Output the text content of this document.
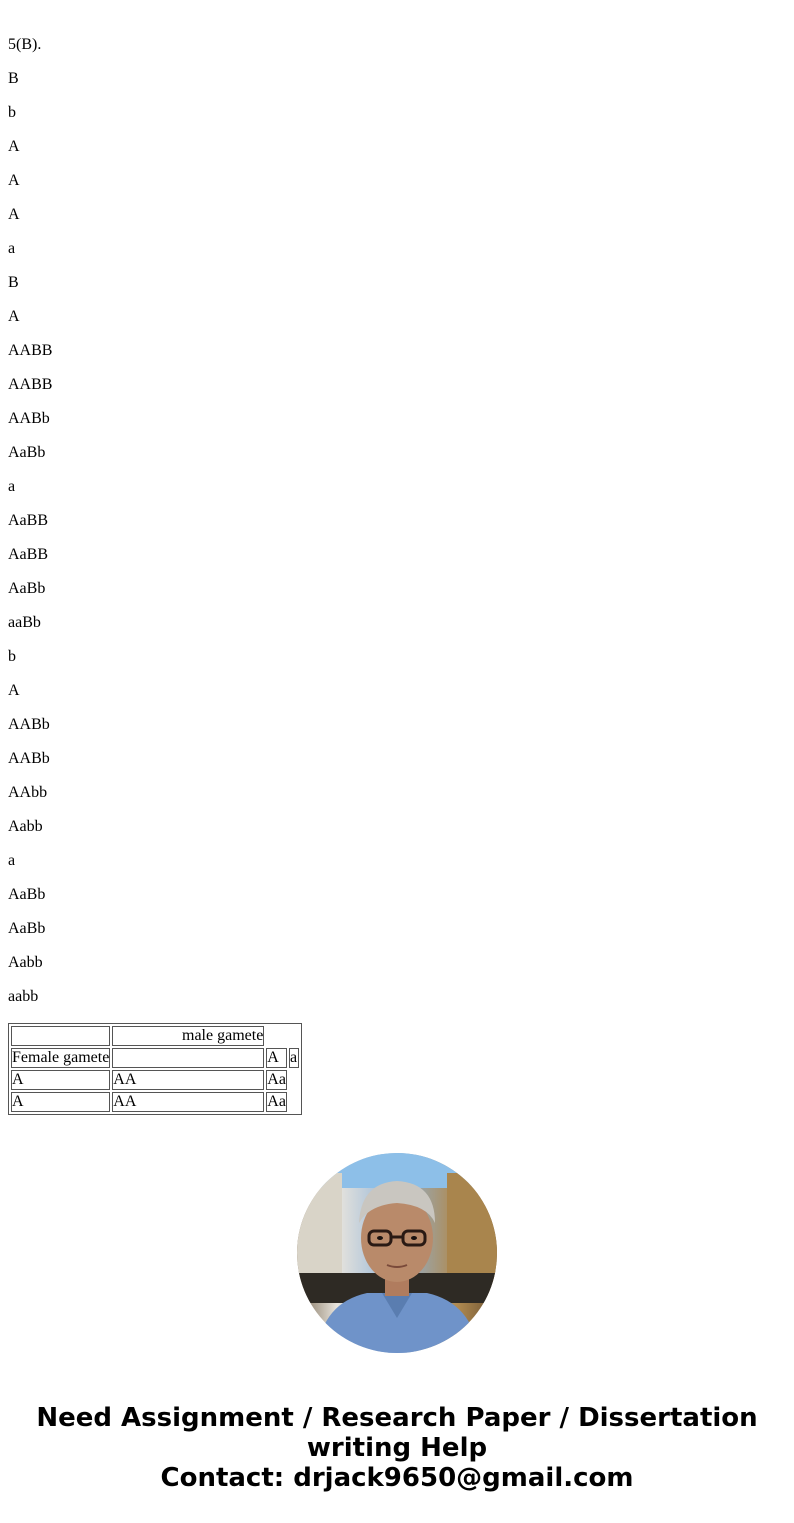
5(B).
B
b
A
A
A
a
B
A
AABB
AABB
AABb
AaBb
a
AaBB
AaBB
AaBb
aaBb
b
A
AABb
AABb
AAbb
Aabb
a
AaBb
AaBb
Aabb
aabb
	male gamete		
Female gamete		A	a
A	AA	Aa	
A	AA	Aa	
Need Assignment / Research Paper / Dissertation
writing Help
Contact: drjack9650@gmail.com
